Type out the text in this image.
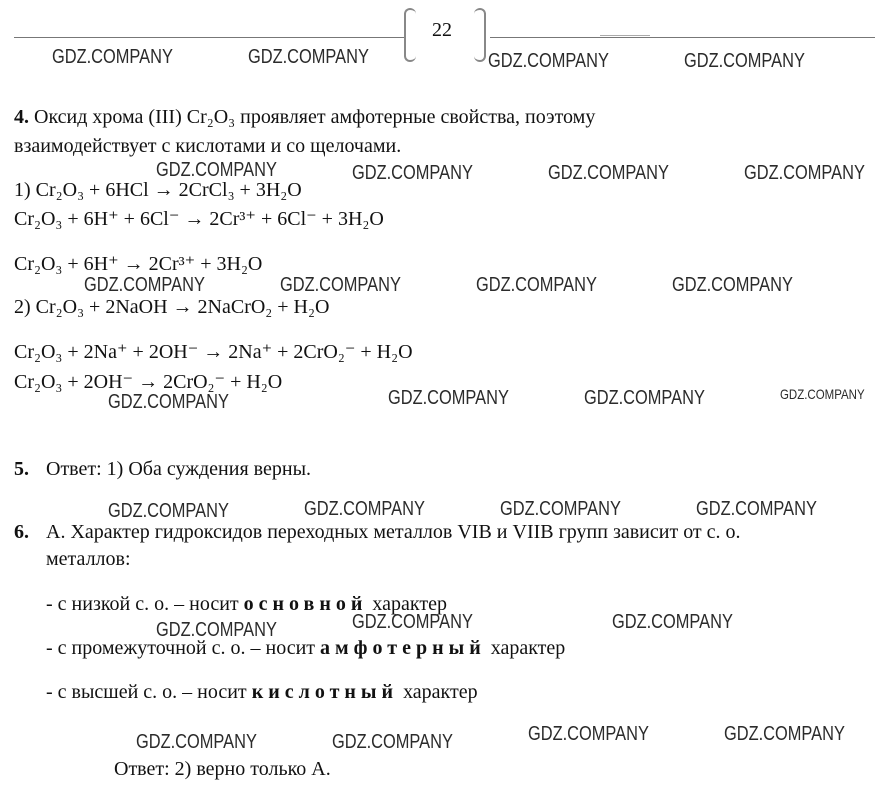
22
GDZ.COMPANY	GDZ.COMPANY	GDZ.COMPANY	GDZ.COMPANY
GDZ.COMPANY	GDZ.COMPANY	GDZ.COMPANY	GDZ.COMPANY
GDZ.COMPANY	GDZ.COMPANY	GDZ.COMPANY	GDZ.COMPANY
GDZ.COMPANY	GDZ.COMPANY	GDZ.COMPANY	GDZ.COMPANY
GDZ.COMPANY	GDZ.COMPANY	GDZ.COMPANY	GDZ.COMPANY
GDZ.COMPANY	GDZ.COMPANY	GDZ.COMPANY
GDZ.COMPANY	GDZ.COMPANY	GDZ.COMPANY	GDZ.COMPANY
4. Оксид хрома (III) Cr₂O₃ проявляет амфотерные свойства, поэтому
взаимодействует с кислотами и со щелочами.
1) Cr₂O₃ + 6HCl → 2CrCl₃ + 3H₂O
Cr₂O₃ + 6H⁺ + 6Cl⁻ → 2Cr³⁺ + 6Cl⁻ + 3H₂O
Cr₂O₃ + 6H⁺ → 2Cr³⁺ + 3H₂O
2) Cr₂O₃ + 2NaOH → 2NaCrO₂ + H₂O
Cr₂O₃ + 2Na⁺ + 2OH⁻ → 2Na⁺ + 2CrO₂⁻ + H₂O
Cr₂O₃ + 2OH⁻ → 2CrO₂⁻ + H₂O
5. Ответ: 1) Оба суждения верны.
6. А. Характер гидроксидов переходных металлов VIB и VIIB групп зависит от с. о.
металлов:
- с низкой с. о. – носит основной характер
- с промежуточной с. о. – носит амфотерный характер
- с высшей с. о. – носит кислотный характер
Ответ: 2) верно только А.
